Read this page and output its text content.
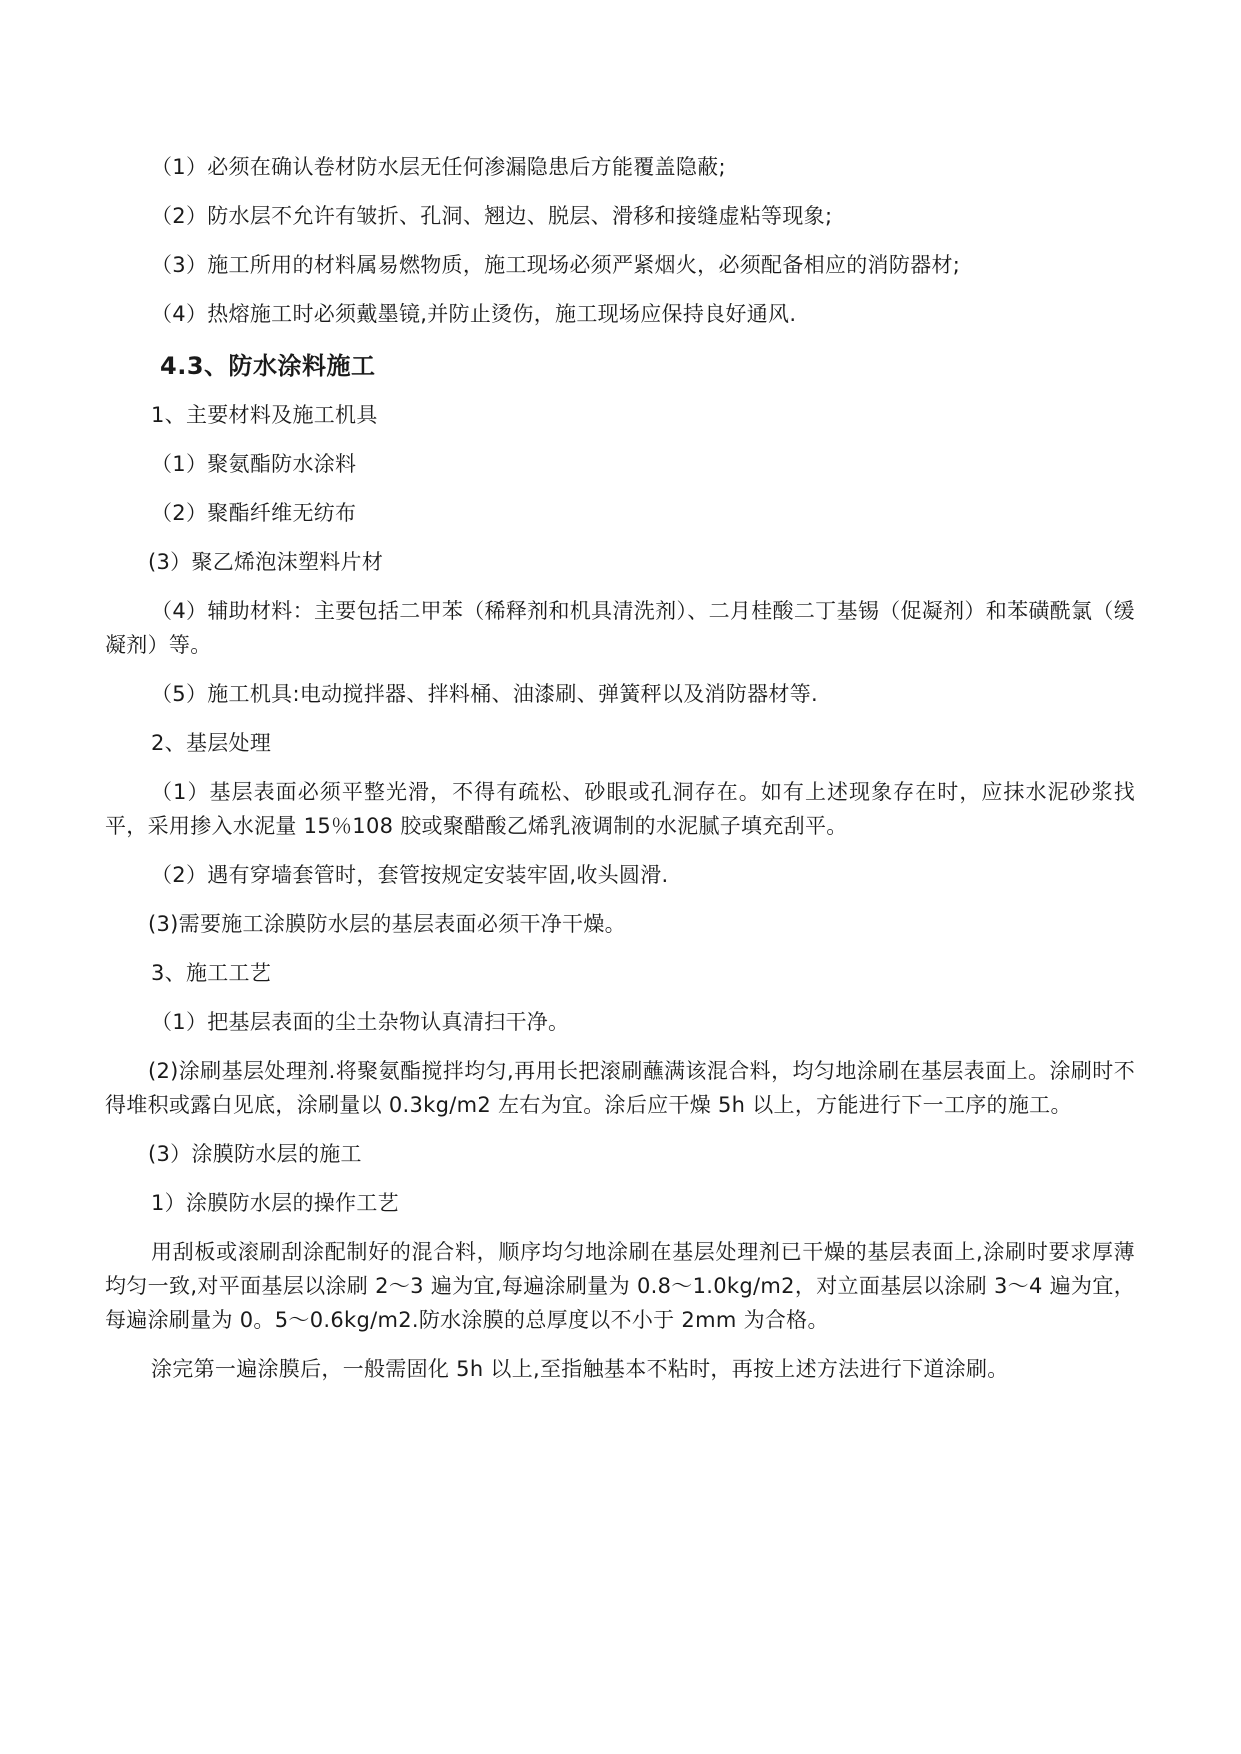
（1）必须在确认卷材防水层无任何渗漏隐患后方能覆盖隐蔽;

（2）防水层不允许有皱折、孔洞、翘边、脱层、滑移和接缝虚粘等现象;

（3）施工所用的材料属易燃物质，施工现场必须严紧烟火，必须配备相应的消防器材;

（4）热熔施工时必须戴墨镜,并防止烫伤，施工现场应保持良好通风.

4.3、防水涂料施工

1、主要材料及施工机具

（1）聚氨酯防水涂料

（2）聚酯纤维无纺布

(3）聚乙烯泡沫塑料片材

（4）辅助材料：主要包括二甲苯（稀释剂和机具清洗剂）、二月桂酸二丁基锡（促凝剂）和苯磺酰氯（缓凝剂）等。

（5）施工机具:电动搅拌器、拌料桶、油漆刷、弹簧秤以及消防器材等.

2、基层处理

（1）基层表面必须平整光滑，不得有疏松、砂眼或孔洞存在。如有上述现象存在时，应抹水泥砂浆找平，采用掺入水泥量 15％108 胶或聚醋酸乙烯乳液调制的水泥腻子填充刮平。

（2）遇有穿墙套管时，套管按规定安装牢固,收头圆滑.

(3)需要施工涂膜防水层的基层表面必须干净干燥。

3、施工工艺

（1）把基层表面的尘土杂物认真清扫干净。

(2)涂刷基层处理剂.将聚氨酯搅拌均匀,再用长把滚刷蘸满该混合料，均匀地涂刷在基层表面上。涂刷时不得堆积或露白见底，涂刷量以 0.3kg/m2 左右为宜。涂后应干燥 5h 以上，方能进行下一工序的施工。

(3）涂膜防水层的施工

1）涂膜防水层的操作工艺

用刮板或滚刷刮涂配制好的混合料，顺序均匀地涂刷在基层处理剂已干燥的基层表面上,涂刷时要求厚薄均匀一致,对平面基层以涂刷 2～3 遍为宜,每遍涂刷量为 0.8～1.0kg/m2，对立面基层以涂刷 3～4 遍为宜，每遍涂刷量为 0。5～0.6kg/m2.防水涂膜的总厚度以不小于 2mm 为合格。

涂完第一遍涂膜后，一般需固化 5h 以上,至指触基本不粘时，再按上述方法进行下道涂刷。
